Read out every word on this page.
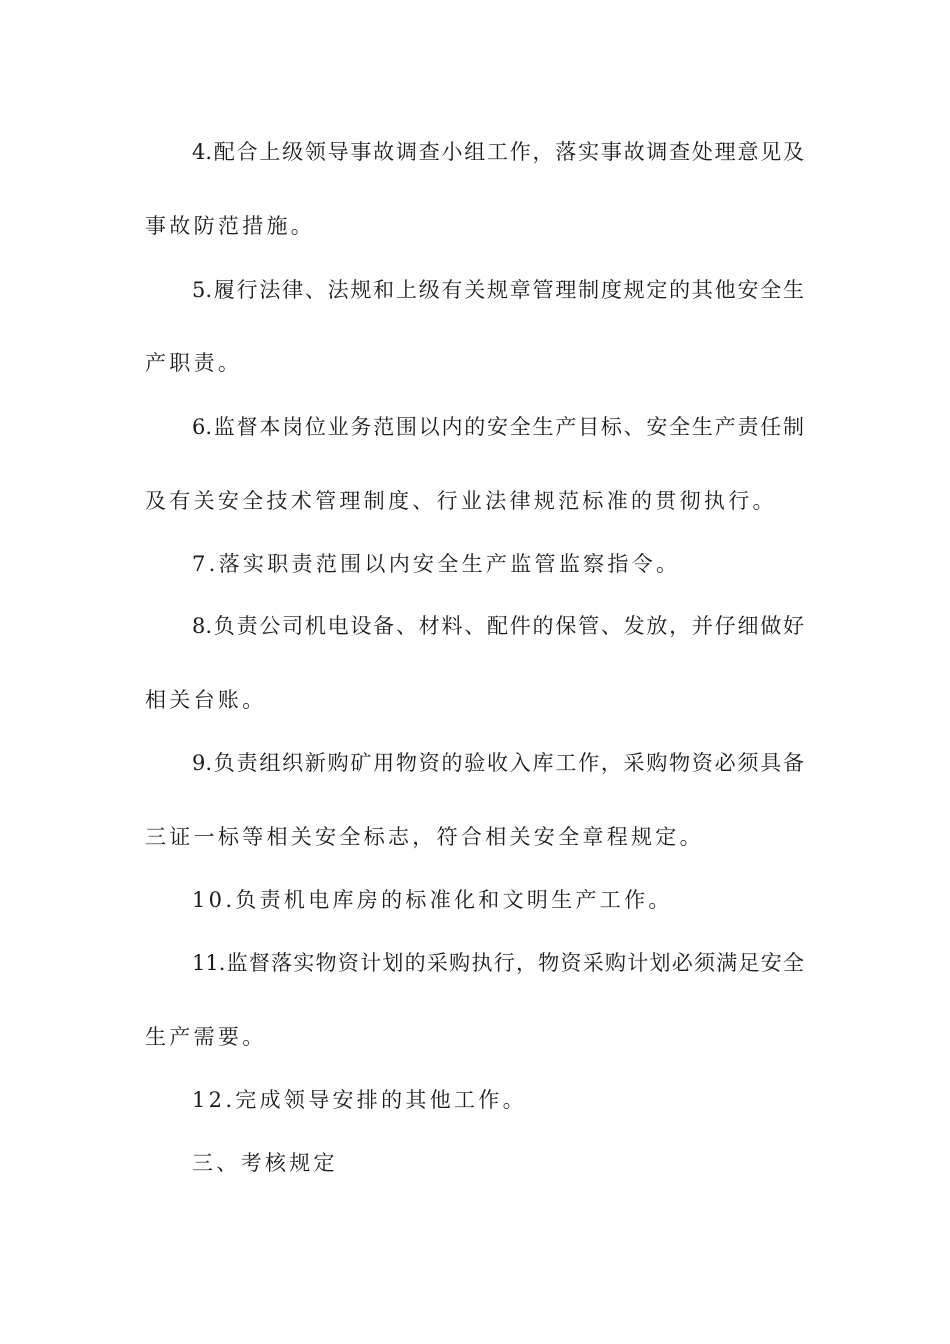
4.配合上级领导事故调查小组工作，落实事故调查处理意见及
事故防范措施。
5.履行法律、法规和上级有关规章管理制度规定的其他安全生
产职责。
6.监督本岗位业务范围以内的安全生产目标、安全生产责任制
及有关安全技术管理制度、行业法律规范标准的贯彻执行。
7.落实职责范围以内安全生产监管监察指令。
8.负责公司机电设备、材料、配件的保管、发放，并仔细做好
相关台账。
9.负责组织新购矿用物资的验收入库工作，采购物资必须具备
三证一标等相关安全标志，符合相关安全章程规定。
10.负责机电库房的标准化和文明生产工作。
11.监督落实物资计划的采购执行，物资采购计划必须满足安全
生产需要。
12.完成领导安排的其他工作。
三、考核规定
